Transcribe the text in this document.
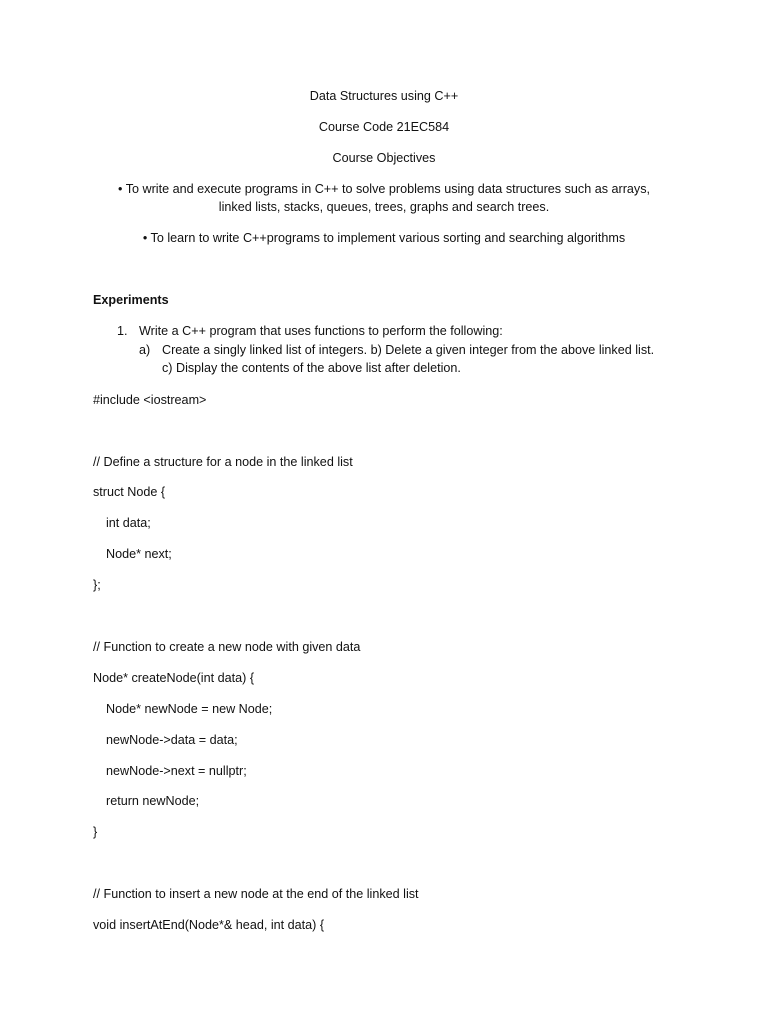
Data Structures using C++
Course Code 21EC584
Course Objectives
• To write and execute programs in C++ to solve problems using data structures such as arrays,
linked lists, stacks, queues, trees, graphs and search trees.
• To learn to write C++programs to implement various sorting and searching algorithms
Experiments
1. Write a C++ program that uses functions to perform the following:
a) Create a singly linked list of integers. b) Delete a given integer from the above linked list.
c) Display the contents of the above list after deletion.
#include <iostream>
// Define a structure for a node in the linked list
struct Node {
int data;
Node* next;
};
// Function to create a new node with given data
Node* createNode(int data) {
Node* newNode = new Node;
newNode->data = data;
newNode->next = nullptr;
return newNode;
}
// Function to insert a new node at the end of the linked list
void insertAtEnd(Node*& head, int data) {
